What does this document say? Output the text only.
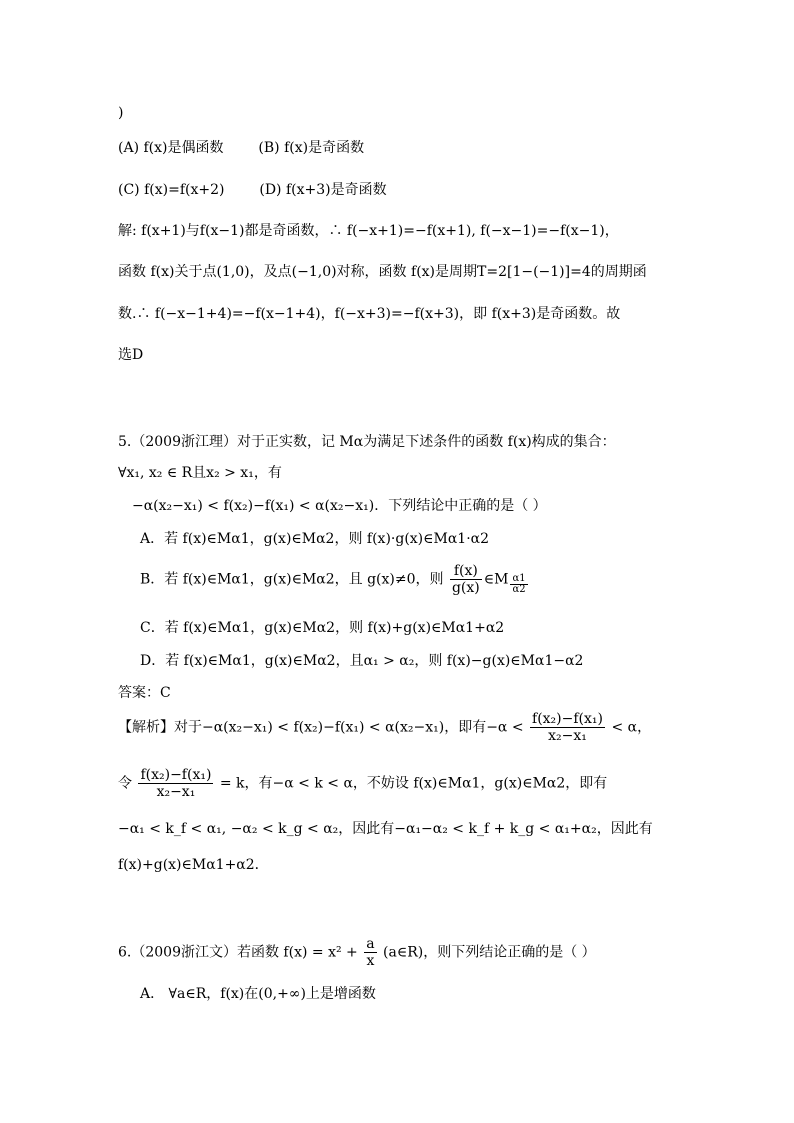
)
(A) f(x)是偶函数 (B) f(x)是奇函数
(C) f(x)=f(x+2) (D) f(x+3)是奇函数
解: f(x+1)与f(x−1)都是奇函数，∴ f(−x+1)=−f(x+1), f(−x−1)=−f(x−1)，
函数 f(x)关于点(1,0)，及点(−1,0)对称，函数 f(x)是周期T=2[1−(−1)]=4的周期函
数.∴ f(−x−1+4)=−f(x−1+4)，f(−x+3)=−f(x+3)，即 f(x+3)是奇函数。故
选D
5.（2009浙江理）对于正实数，记 Mα为满足下述条件的函数 f(x)构成的集合：
∀x₁, x₂ ∈ R且x₂ > x₁，有
−α(x₂−x₁) < f(x₂)−f(x₁) < α(x₂−x₁)．下列结论中正确的是（ ）
A．若 f(x)∈Mα1，g(x)∈Mα2，则 f(x)·g(x)∈Mα1·α2
B．若 f(x)∈Mα1，g(x)∈Mα2，且 g(x)≠0，则 $\frac{f(x)}{g(x)}$ ∈M $\frac{\alpha 1}{\alpha 2}$
C．若 f(x)∈Mα1，g(x)∈Mα2，则 f(x)+g(x)∈Mα1+α2
D．若 f(x)∈Mα1，g(x)∈Mα2，且α₁ > α₂，则 f(x)−g(x)∈Mα1−α2
答案：C
【解析】对于−α(x₂−x₁) < f(x₂)−f(x₁) < α(x₂−x₁)，即有$-\alpha < \frac{\text{f(x₂)−f(x₁)}}{\text{x₂−x₁}} < \alpha$，
令 $\frac{\text{f(x₂)−f(x₁)}}{\text{x₂−x₁}} = k$，有−α < k < α，不妨设 f(x)∈Mα1，g(x)∈Mα2，即有
−α₁ < k_f < α₁, −α₂ < k_g < α₂，因此有−α₁−α₂ < k_f + k_g < α₁+α₂，因此有
f(x)+g(x)∈Mα1+α2．
6.（2009浙江文）若函数 $f(x) = x^2 + \frac{a}{x}$ (a∈R)，则下列结论正确的是（ ）
A． ∀a∈R，f(x)在(0,+∞)上是增函数
